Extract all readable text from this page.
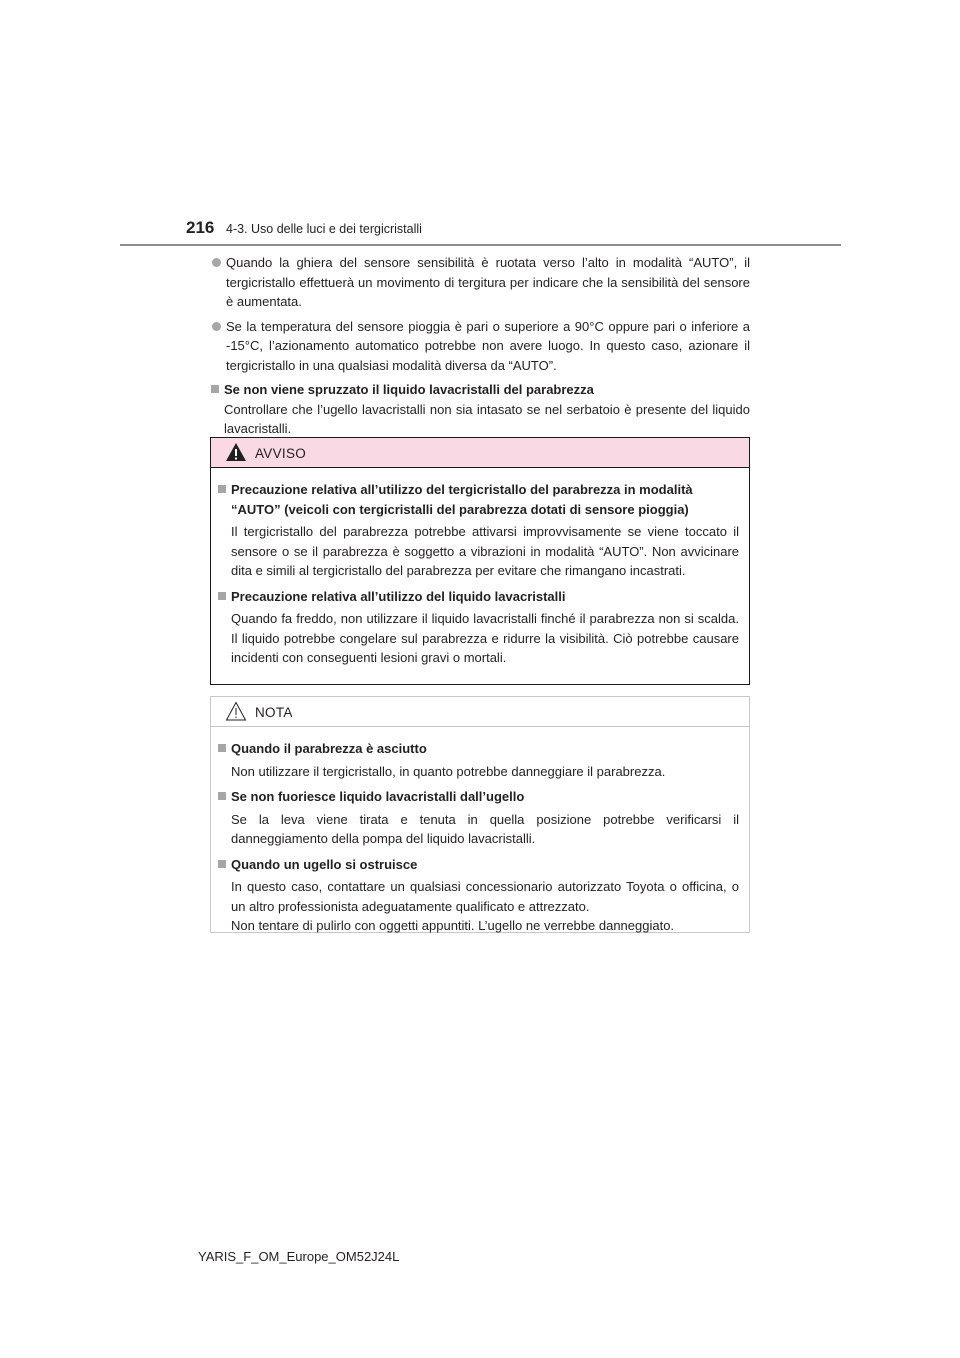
216 4-3. Uso delle luci e dei tergicristalli
Quando la ghiera del sensore sensibilità è ruotata verso l’alto in modalità “AUTO”, il tergicristallo effettuerà un movimento di tergitura per indicare che la sensibilità del sensore è aumentata.
Se la temperatura del sensore pioggia è pari o superiore a 90°C oppure pari o inferiore a -15°C, l’azionamento automatico potrebbe non avere luogo. In questo caso, azionare il tergicristallo in una qualsiasi modalità diversa da “AUTO”.
Se non viene spruzzato il liquido lavacristalli del parabrezza
Controllare che l’ugello lavacristalli non sia intasato se nel serbatoio è presente del liquido lavacristalli.
AVVISO
Precauzione relativa all’utilizzo del tergicristallo del parabrezza in modalità “AUTO” (veicoli con tergicristalli del parabrezza dotati di sensore pioggia)
Il tergicristallo del parabrezza potrebbe attivarsi improvvisamente se viene toccato il sensore o se il parabrezza è soggetto a vibrazioni in modalità “AUTO”. Non avvicinare dita e simili al tergicristallo del parabrezza per evitare che rimangano incastrati.
Precauzione relativa all’utilizzo del liquido lavacristalli
Quando fa freddo, non utilizzare il liquido lavacristalli finché il parabrezza non si scalda. Il liquido potrebbe congelare sul parabrezza e ridurre la visibilità. Ciò potrebbe causare incidenti con conseguenti lesioni gravi o mortali.
NOTA
Quando il parabrezza è asciutto
Non utilizzare il tergicristallo, in quanto potrebbe danneggiare il parabrezza.
Se non fuoriesce liquido lavacristalli dall’ugello
Se la leva viene tirata e tenuta in quella posizione potrebbe verificarsi il danneggiamento della pompa del liquido lavacristalli.
Quando un ugello si ostruisce
In questo caso, contattare un qualsiasi concessionario autorizzato Toyota o officina, o un altro professionista adeguatamente qualificato e attrezzato.
Non tentare di pulirlo con oggetti appuntiti. L’ugello ne verrebbe danneggiato.
YARIS_F_OM_Europe_OM52J24L
